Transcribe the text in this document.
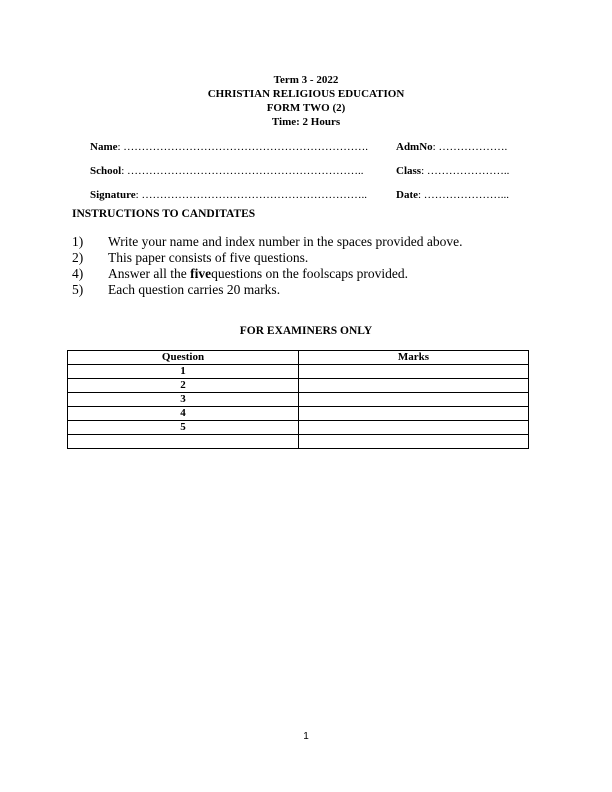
Term 3 - 2022
CHRISTIAN RELIGIOUS EDUCATION
FORM TWO (2)
Time: 2 Hours
Name: ………………………………………………………….	AdmNo: ……………….
School: ………………………………………………………..	Class: …………………..
Signature: ……………………………………………………..	Date: …………………...
INSTRUCTIONS TO CANDITATES
1) Write your name and index number in the spaces provided above.
2) This paper consists of five questions.
4) Answer all the fivequestions on the foolscaps provided.
5) Each question carries 20 marks.
FOR EXAMINERS ONLY
Question	Marks
1	
2	
3	
4	
5	

1
